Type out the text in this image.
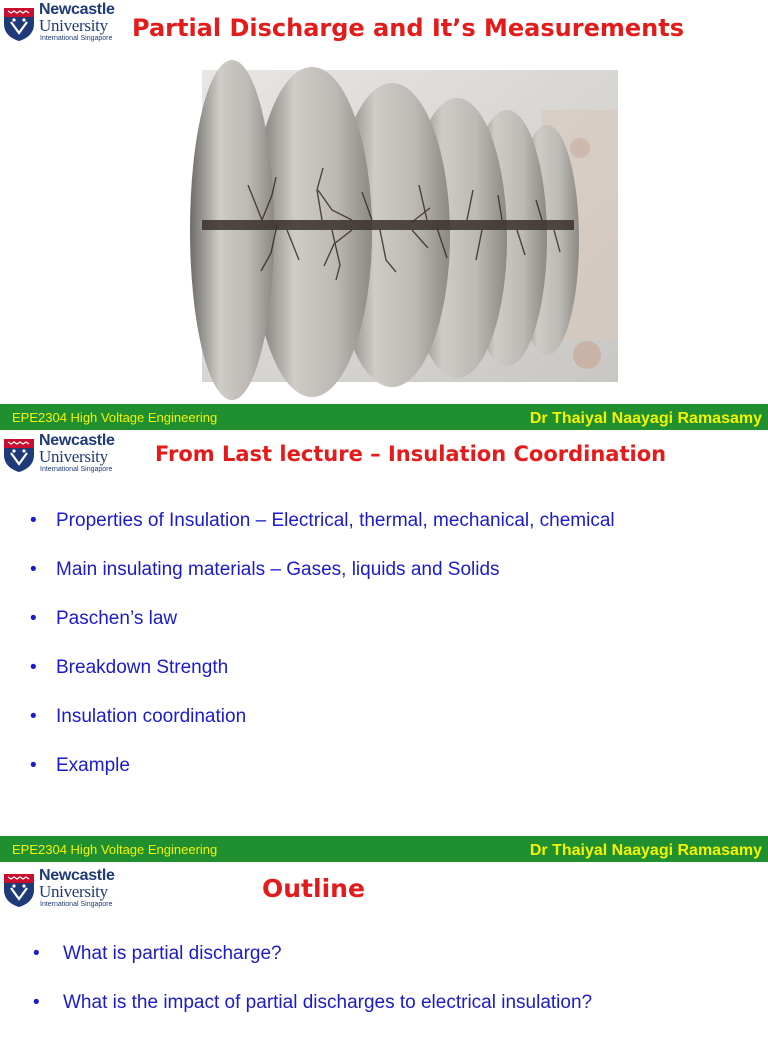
Newcastle
University
International Singapore Partial Discharge and It’s Measurements
EPE2304 High Voltage Engineering	Dr Thaiyal Naayagi Ramasamy
Newcastle
University
International Singapore
From Last lecture – Insulation Coordination
• Properties of Insulation – Electrical, thermal, mechanical, chemical
• Main insulating materials – Gases, liquids and Solids
• Paschen’s law
• Breakdown Strength
• Insulation coordination
• Example
EPE2304 High Voltage Engineering	Dr Thaiyal Naayagi Ramasamy
Newcastle
University
International Singapore
Outline
• What is partial discharge?
• What is the impact of partial discharges to electrical insulation?
